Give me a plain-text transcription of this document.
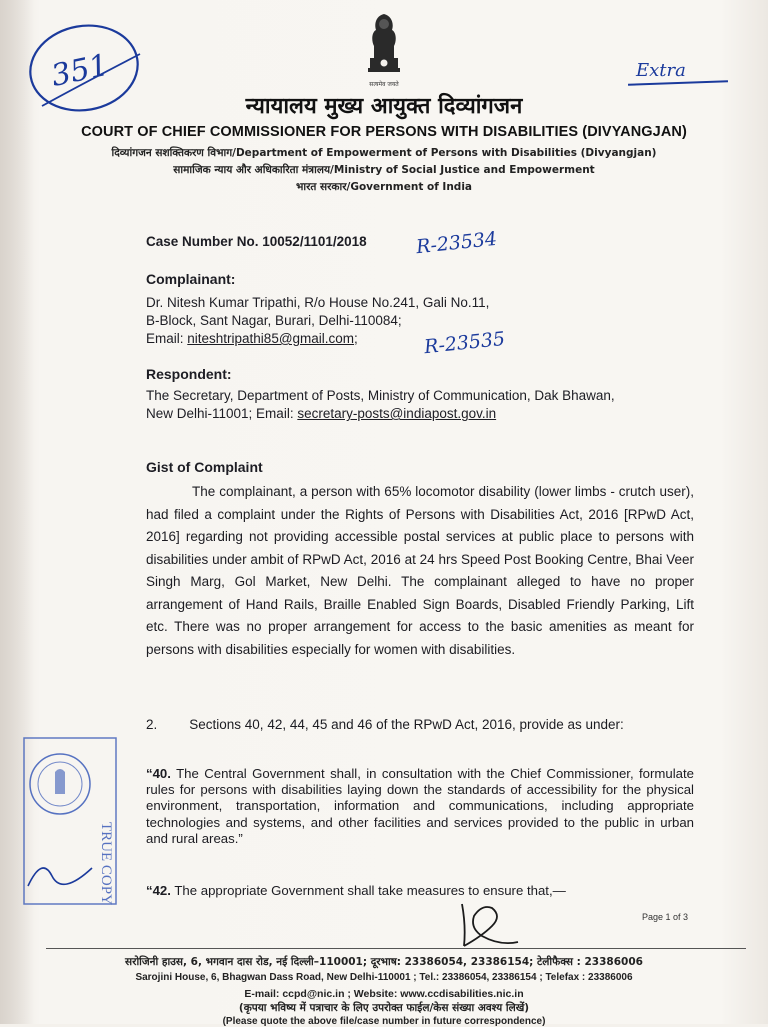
351	सत्यमेव जयते
न्यायालय मुख्य आयुक्त दिव्यांगजन
COURT OF CHIEF COMMISSIONER FOR PERSONS WITH DISABILITIES (DIVYANGJAN)
दिव्यांगजन सशक्तिकरण विभाग/Department of Empowerment of Persons with Disabilities (Divyangjan)
सामाजिक न्याय और अधिकारिता मंत्रालय/Ministry of Social Justice and Empowerment
भारत सरकार/Government of India
Extra
Case Number No. 10052/1101/2018	R-23534
Complainant:
Dr. Nitesh Kumar Tripathi, R/o House No.241, Gali No.11,
B-Block, Sant Nagar, Burari, Delhi-110084;
Email: niteshtripathi85@gmail.com;	R-23535
Respondent:
The Secretary, Department of Posts, Ministry of Communication, Dak Bhawan,
New Delhi-11001; Email: secretary-posts@indiapost.gov.in
Gist of Complaint
The complainant, a person with 65% locomotor disability (lower limbs - crutch user), had filed a complaint under the Rights of Persons with Disabilities Act, 2016 [RPwD Act, 2016] regarding not providing accessible postal services at public place to persons with disabilities under ambit of RPwD Act, 2016 at 24 hrs Speed Post Booking Centre, Bhai Veer Singh Marg, Gol Market, New Delhi. The complainant alleged to have no proper arrangement of Hand Rails, Braille Enabled Sign Boards, Disabled Friendly Parking, Lift etc. There was no proper arrangement for access to the basic amenities as meant for persons with disabilities especially for women with disabilities.
2. Sections 40, 42, 44, 45 and 46 of the RPwD Act, 2016, provide as under:
“40. The Central Government shall, in consultation with the Chief Commissioner, formulate rules for persons with disabilities laying down the standards of accessibility for the physical environment, transportation, information and communications, including appropriate technologies and systems, and other facilities and services provided to the public in urban and rural areas.”
“42. The appropriate Government shall take measures to ensure that,—
TRUE COPY
Page 1 of 3
सरोजिनी हाउस, 6, भगवान दास रोड, नई दिल्ली–110001; दूरभाष: 23386054, 23386154; टेलीफैक्स : 23386006
Sarojini House, 6, Bhagwan Dass Road, New Delhi-110001 ; Tel.: 23386054, 23386154 ; Telefax : 23386006
E-mail: ccpd@nic.in ; Website: www.ccdisabilities.nic.in
(कृपया भविष्य में पत्राचार के लिए उपरोक्त फाईल/केस संख्या अवश्य लिखें)
(Please quote the above file/case number in future correspondence)
